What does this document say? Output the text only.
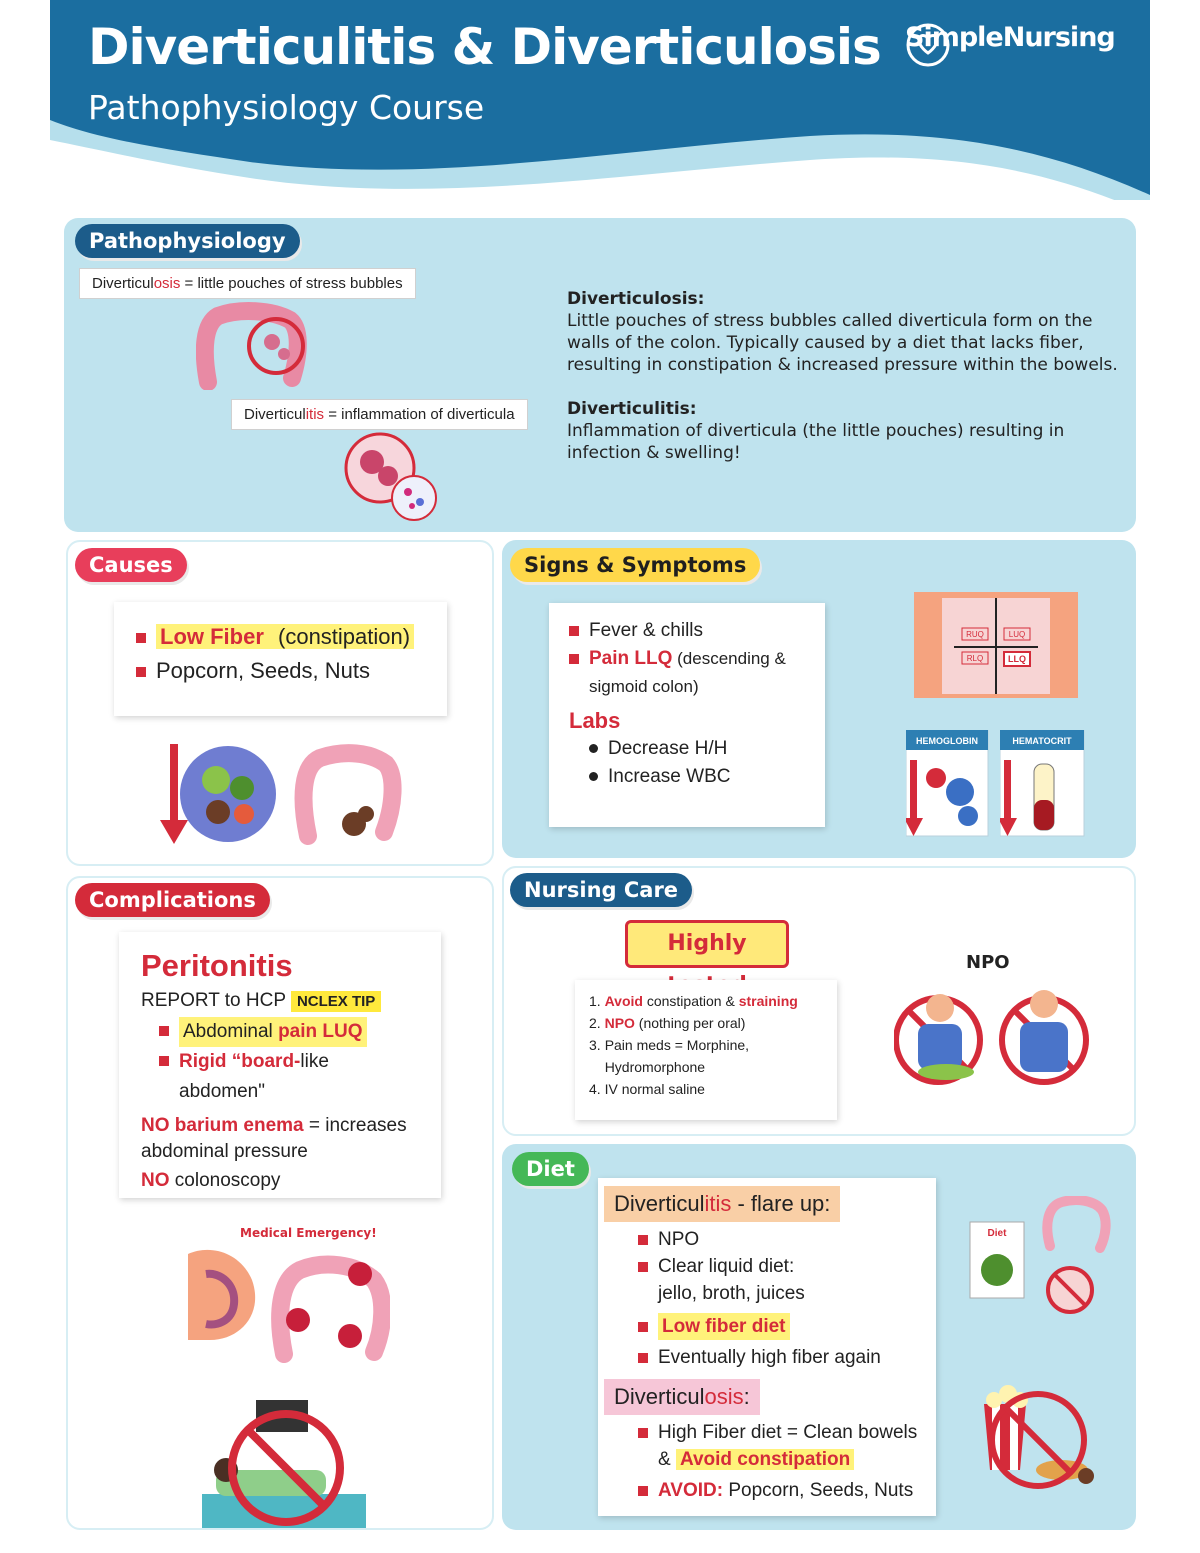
Diverticulitis & Diverticulosis
Pathophysiology Course
SimpleNursing
Pathophysiology
Diverticulosis = little pouches of stress bubbles
Diverticulitis = inflammation of diverticula
Diverticulosis:
Little pouches of stress bubbles called diverticula form on the walls of the colon. Typically caused by a diet that lacks fiber, resulting in constipation & increased pressure within the bowels.
Diverticulitis:
Inflammation of diverticula (the little pouches) resulting in infection & swelling!
Causes
Low Fiber (constipation)
Popcorn, Seeds, Nuts
Signs & Symptoms
Fever & chills
Pain LLQ (descending & sigmoid colon)
Labs
Decrease H/H
Increase WBC
RUQ	LUQ
RLQ	LLQ
HEMOGLOBIN	HEMATOCRIT
Complications
Peritonitis
REPORT to HCP NCLEX TIP
Abdominal pain LUQ
Rigid “board-like abdomen"
NO barium enema = increases abdominal pressure
NO colonoscopy
Medical Emergency!
Nursing Care
Highly
1. Avoid constipation & straining
2. NPO (nothing per oral)
3. Pain meds = Morphine, Hydromorphone
4. IV normal saline
NPO
Diet
Diverticulitis - flare up:
NPO
Clear liquid diet: jello, broth, juices
Low fiber diet
Eventually high fiber again
Diverticulosis:
High Fiber diet = Clean bowels & Avoid constipation
AVOID: Popcorn, Seeds, Nuts
Diet
